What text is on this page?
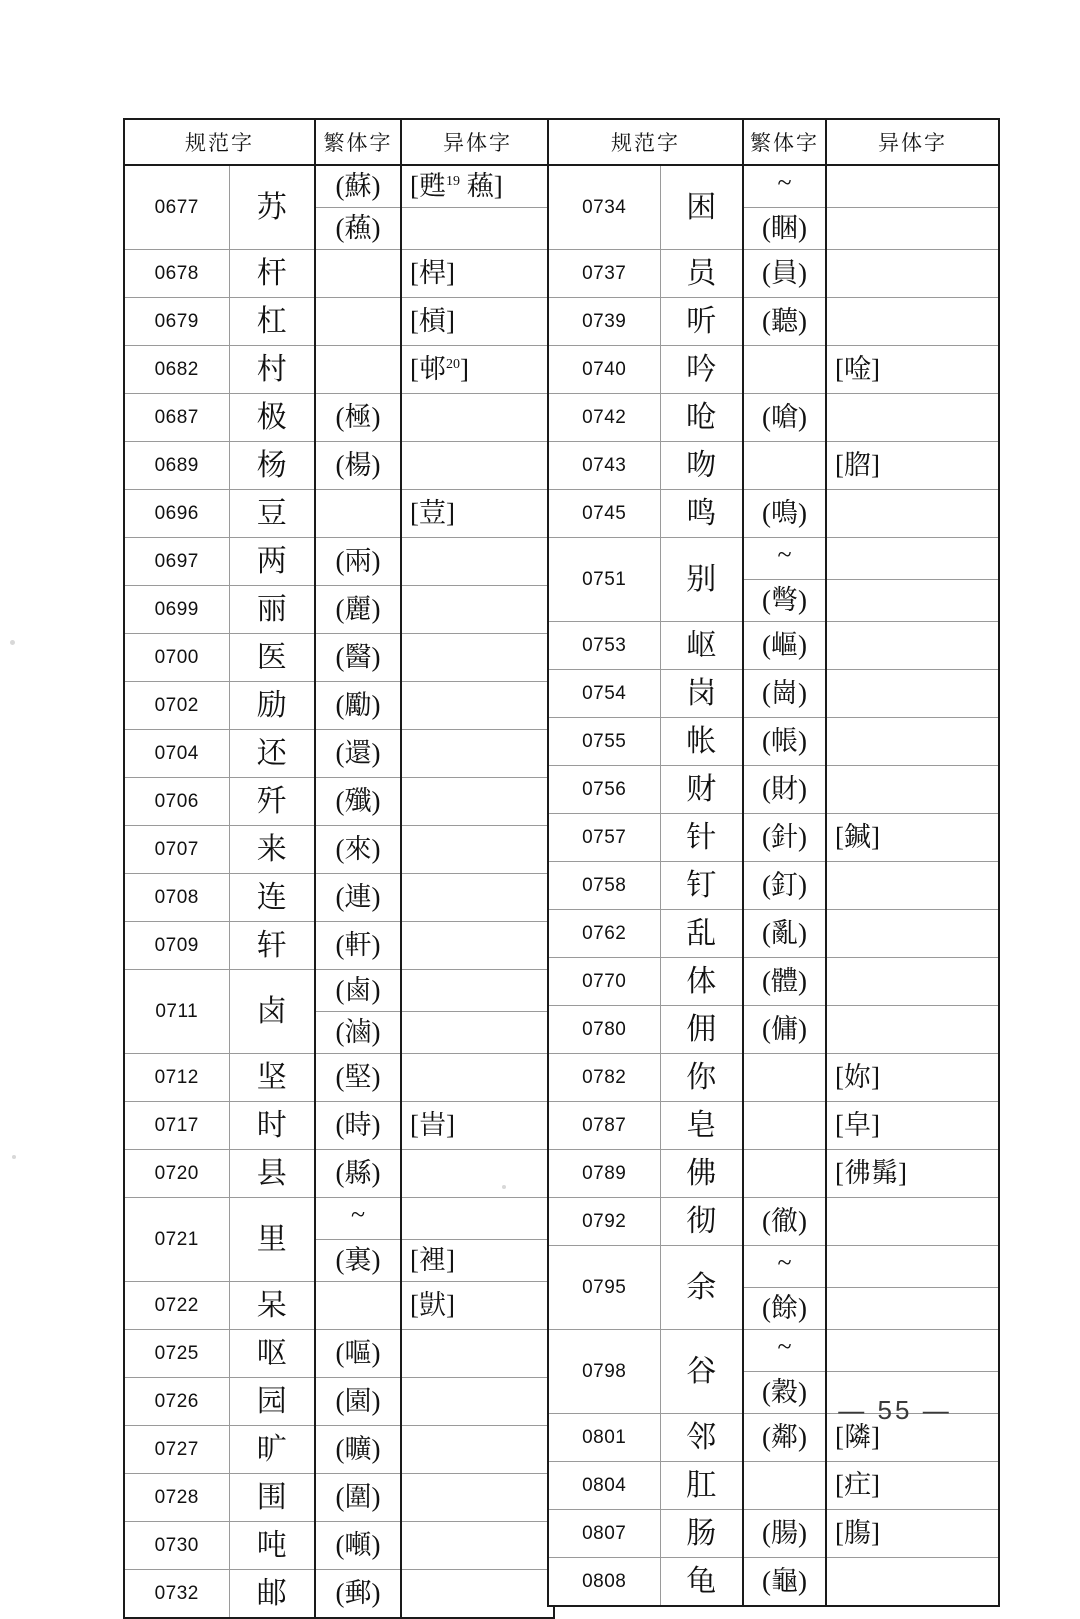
规范字		繁体字	异体字
0677	苏	(蘇)	[甦$^{19}$ 蘓]
		(蘓)	
0678	杆		[桿]
0679	杠		[槓]
0682	村		[邨$^{20}$]
0687	极	(極)	
0689	杨	(楊)	
0696	豆		[荳]
0697	两	(兩)	
0699	丽	(麗)	
0700	医	(醫)	
0702	励	(勵)	
0704	还	(還)	
0706	歼	(殲)	
0707	来	(來)	
0708	连	(連)	
0709	轩	(軒)	
0711	卤	(鹵)	
		(滷)	
0712	坚	(堅)	
0717	时	(時)	[旹]
0720	县	(縣)	
0721	里	~	
		(裏)	[裡]
0722	呆		[獃]
0725	呕	(嘔)	
0726	园	(園)	
0727	旷	(曠)	
0728	围	(圍)	
0730	吨	(噸)	
0732	邮	(郵)	
规范字		繁体字	异体字
0734	困	~	
		(睏)	
0737	员	(員)	
0739	听	(聽)	
0740	吟		[唫]
0742	呛	(嗆)	
0743	吻		[脗]
0745	鸣	(鳴)	
0751	别	~	
		(彆)	
0753	岖	(嶇)	
0754	岗	(崗)	
0755	帐	(帳)	
0756	财	(財)	
0757	针	(針)	[鍼]
0758	钉	(釘)	
0762	乱	(亂)	
0770	体	(體)	
0780	佣	(傭)	
0782	你		[妳]
0787	皂		[皁]
0789	佛		[彿髴]
0792	彻	(徹)	
0795	余	~	
		(餘)	
0798	谷	~	
		(穀)	
0801	邻	(鄰)	[隣]
0804	肛		[疘]
0807	肠	(腸)	[膓]
0808	龟	(龜)	
— 55 —
